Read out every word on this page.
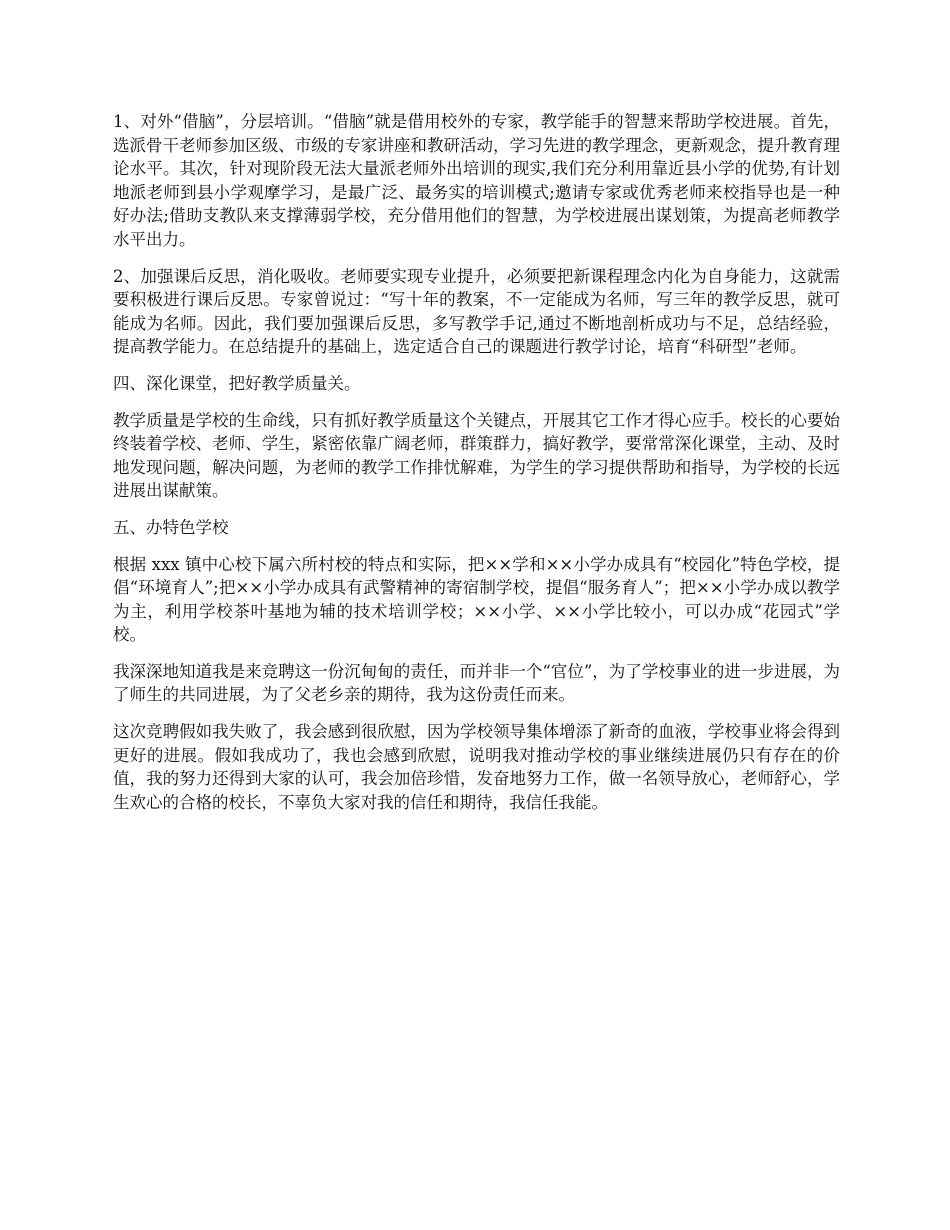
1、对外“借脑”，分层培训。“借脑”就是借用校外的专家，教学能手的智慧来帮助学校进展。首先，选派骨干老师参加区级、市级的专家讲座和教研活动，学习先进的教学理念，更新观念，提升教育理论水平。其次，针对现阶段无法大量派老师外出培训的现实,我们充分利用靠近县小学的优势,有计划地派老师到县小学观摩学习，是最广泛、最务实的培训模式;邀请专家或优秀老师来校指导也是一种好办法;借助支教队来支撑薄弱学校，充分借用他们的智慧，为学校进展出谋划策，为提高老师教学水平出力。

2、加强课后反思，消化吸收。老师要实现专业提升，必须要把新课程理念内化为自身能力，这就需要积极进行课后反思。专家曾说过：“写十年的教案，不一定能成为名师，写三年的教学反思，就可能成为名师。因此，我们要加强课后反思，多写教学手记,通过不断地剖析成功与不足，总结经验，提高教学能力。在总结提升的基础上，选定适合自己的课题进行教学讨论，培育“科研型”老师。

四、深化课堂，把好教学质量关。

教学质量是学校的生命线，只有抓好教学质量这个关键点，开展其它工作才得心应手。校长的心要始终装着学校、老师、学生，紧密依靠广阔老师，群策群力，搞好教学，要常常深化课堂，主动、及时地发现问题，解决问题，为老师的教学工作排忧解难，为学生的学习提供帮助和指导，为学校的长远进展出谋献策。

五、办特色学校

根据 xxx 镇中心校下属六所村校的特点和实际，把××学和××小学办成具有“校园化”特色学校，提倡“环境育人”;把××小学办成具有武警精神的寄宿制学校，提倡“服务育人”；把××小学办成以教学为主，利用学校茶叶基地为辅的技术培训学校；××小学、××小学比较小，可以办成“花园式”学校。

我深深地知道我是来竞聘这一份沉甸甸的责任，而并非一个“官位”，为了学校事业的进一步进展，为了师生的共同进展，为了父老乡亲的期待，我为这份责任而来。

这次竞聘假如我失败了，我会感到很欣慰，因为学校领导集体增添了新奇的血液，学校事业将会得到更好的进展。假如我成功了，我也会感到欣慰，说明我对推动学校的事业继续进展仍只有存在的价值，我的努力还得到大家的认可，我会加倍珍惜，发奋地努力工作，做一名领导放心，老师舒心，学生欢心的合格的校长，不辜负大家对我的信任和期待，我信任我能。
